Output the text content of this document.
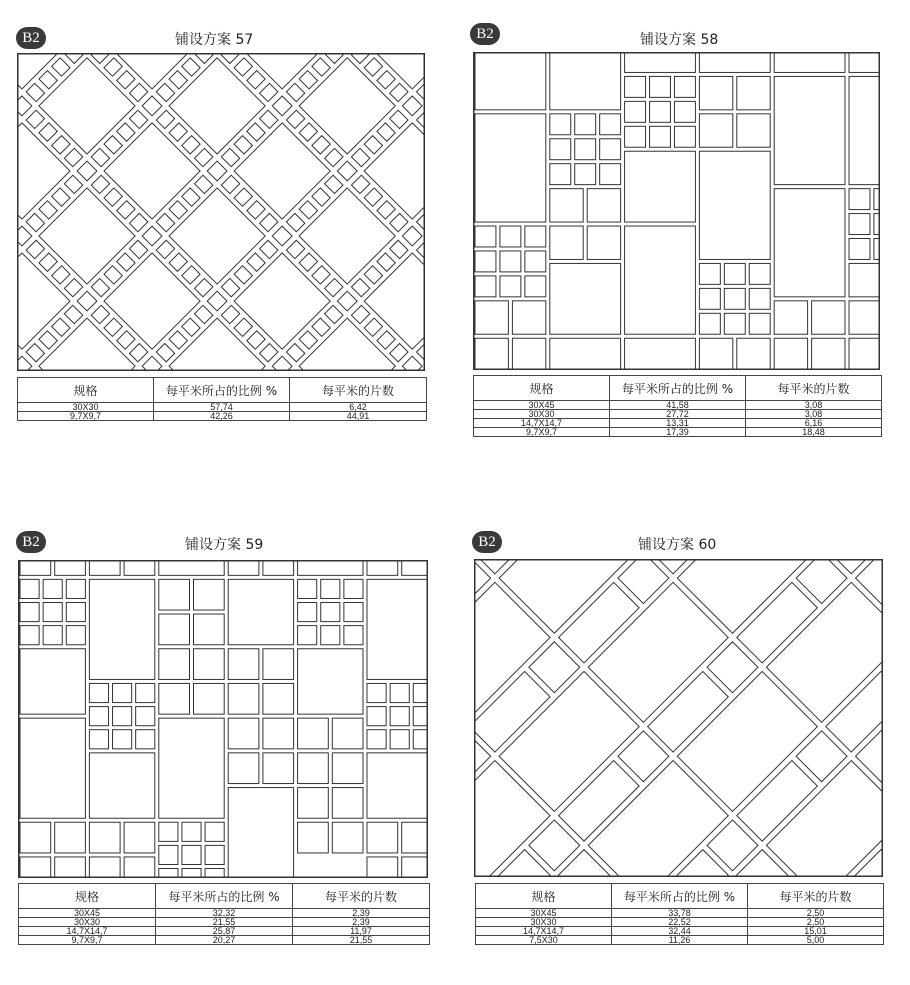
B2	铺设方案 57
规格	每平米所占的比例 %	每平米的片数
30X30	57,74	6,42
9,7X9,7	42,26	44,91
B2	铺设方案 58
规格	每平米所占的比例 %	每平米的片数
30X45	41,58	3,08
30X30	27,72	3,08
14,7X14,7	13,31	6,16
9,7X9,7	17,39	18,48
B2	铺设方案 59
规格	每平米所占的比例 %	每平米的片数
30X45	32,32	2,39
30X30	21,55	2,39
14,7X14,7	25,87	11,97
9,7X9,7	20,27	21,55
B2	铺设方案 60
规格	每平米所占的比例 %	每平米的片数
30X45	33,78	2,50
30X30	22,52	2,50
14,7X14,7	32,44	15,01
7,5X30	11,26	5,00
